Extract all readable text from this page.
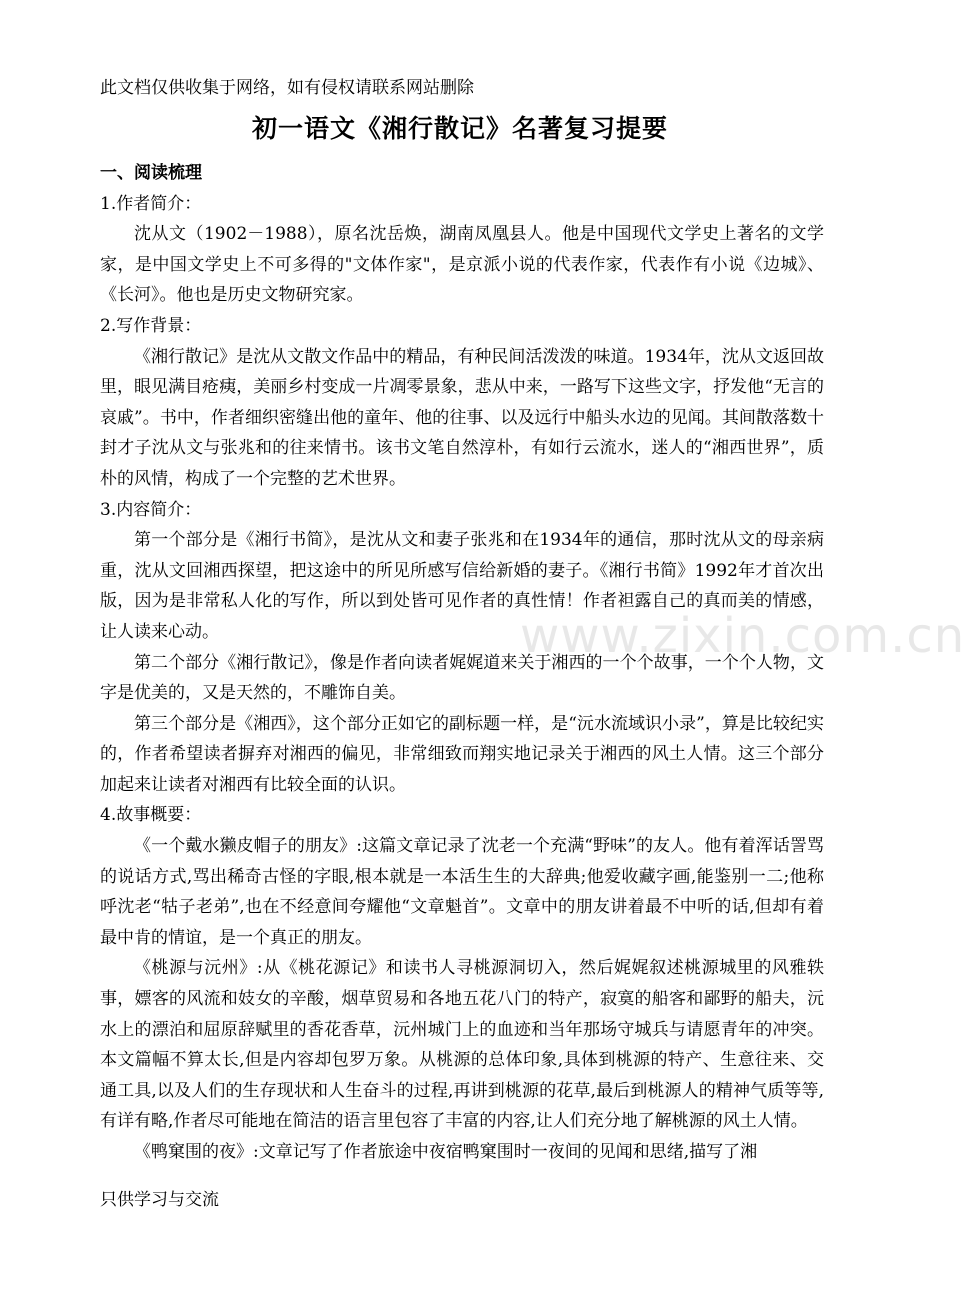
www.zixin.com.cn

此文档仅供收集于网络，如有侵权请联系网站删除

初一语文《湘行散记》名著复习提要
一、阅读梳理

1.作者简介：

沈从文（1902－1988），原名沈岳焕，湖南凤凰县人。他是中国现代文学史上著名的文学家，是中国文学史上不可多得的"文体作家"，是京派小说的代表作家，代表作有小说《边城》、《长河》。他也是历史文物研究家。

2.写作背景：

《湘行散记》是沈从文散文作品中的精品，有种民间活泼泼的味道。1934年，沈从文返回故里，眼见满目疮痍，美丽乡村变成一片凋零景象，悲从中来，一路写下这些文字，抒发他“无言的哀戚”。书中，作者细织密缝出他的童年、他的往事、以及远行中船头水边的见闻。其间散落数十封才子沈从文与张兆和的往来情书。该书文笔自然淳朴，有如行云流水，迷人的“湘西世界”，质朴的风情，构成了一个完整的艺术世界。

3.内容简介：

第一个部分是《湘行书简》，是沈从文和妻子张兆和在1934年的通信，那时沈从文的母亲病重，沈从文回湘西探望，把这途中的所见所感写信给新婚的妻子。《湘行书简》1992年才首次出版，因为是非常私人化的写作，所以到处皆可见作者的真性情！作者袒露自己的真而美的情感，让人读来心动。

第二个部分《湘行散记》，像是作者向读者娓娓道来关于湘西的一个个故事，一个个人物，文字是优美的，又是天然的，不雕饰自美。

第三个部分是《湘西》，这个部分正如它的副标题一样，是“沅水流域识小录”，算是比较纪实的，作者希望读者摒弃对湘西的偏见，非常细致而翔实地记录关于湘西的风土人情。这三个部分加起来让读者对湘西有比较全面的认识。

4.故事概要：

《一个戴水獭皮帽子的朋友》:这篇文章记录了沈老一个充满“野味”的友人。他有着浑话詈骂的说话方式,骂出稀奇古怪的字眼,根本就是一本活生生的大辞典;他爱收藏字画,能鉴别一二;他称呼沈老“牯子老弟”,也在不经意间夸耀他“文章魁首”。文章中的朋友讲着最不中听的话,但却有着最中肯的情谊，是一个真正的朋友。

《桃源与沅州》:从《桃花源记》和读书人寻桃源洞切入，然后娓娓叙述桃源城里的风雅轶事，嫖客的风流和妓女的辛酸，烟草贸易和各地五花八门的特产，寂寞的船客和鄙野的船夫，沅水上的漂泊和屈原辞赋里的香花香草，沅州城门上的血迹和当年那场守城兵与请愿青年的冲突。本文篇幅不算太长,但是内容却包罗万象。从桃源的总体印象,具体到桃源的特产、生意往来、交通工具,以及人们的生存现状和人生奋斗的过程,再讲到桃源的花草,最后到桃源人的精神气质等等,有详有略,作者尽可能地在简洁的语言里包容了丰富的内容,让人们充分地了解桃源的风土人情。

《鸭窠围的夜》:文章记写了作者旅途中夜宿鸭窠围时一夜间的见闻和思绪,描写了湘

只供学习与交流
